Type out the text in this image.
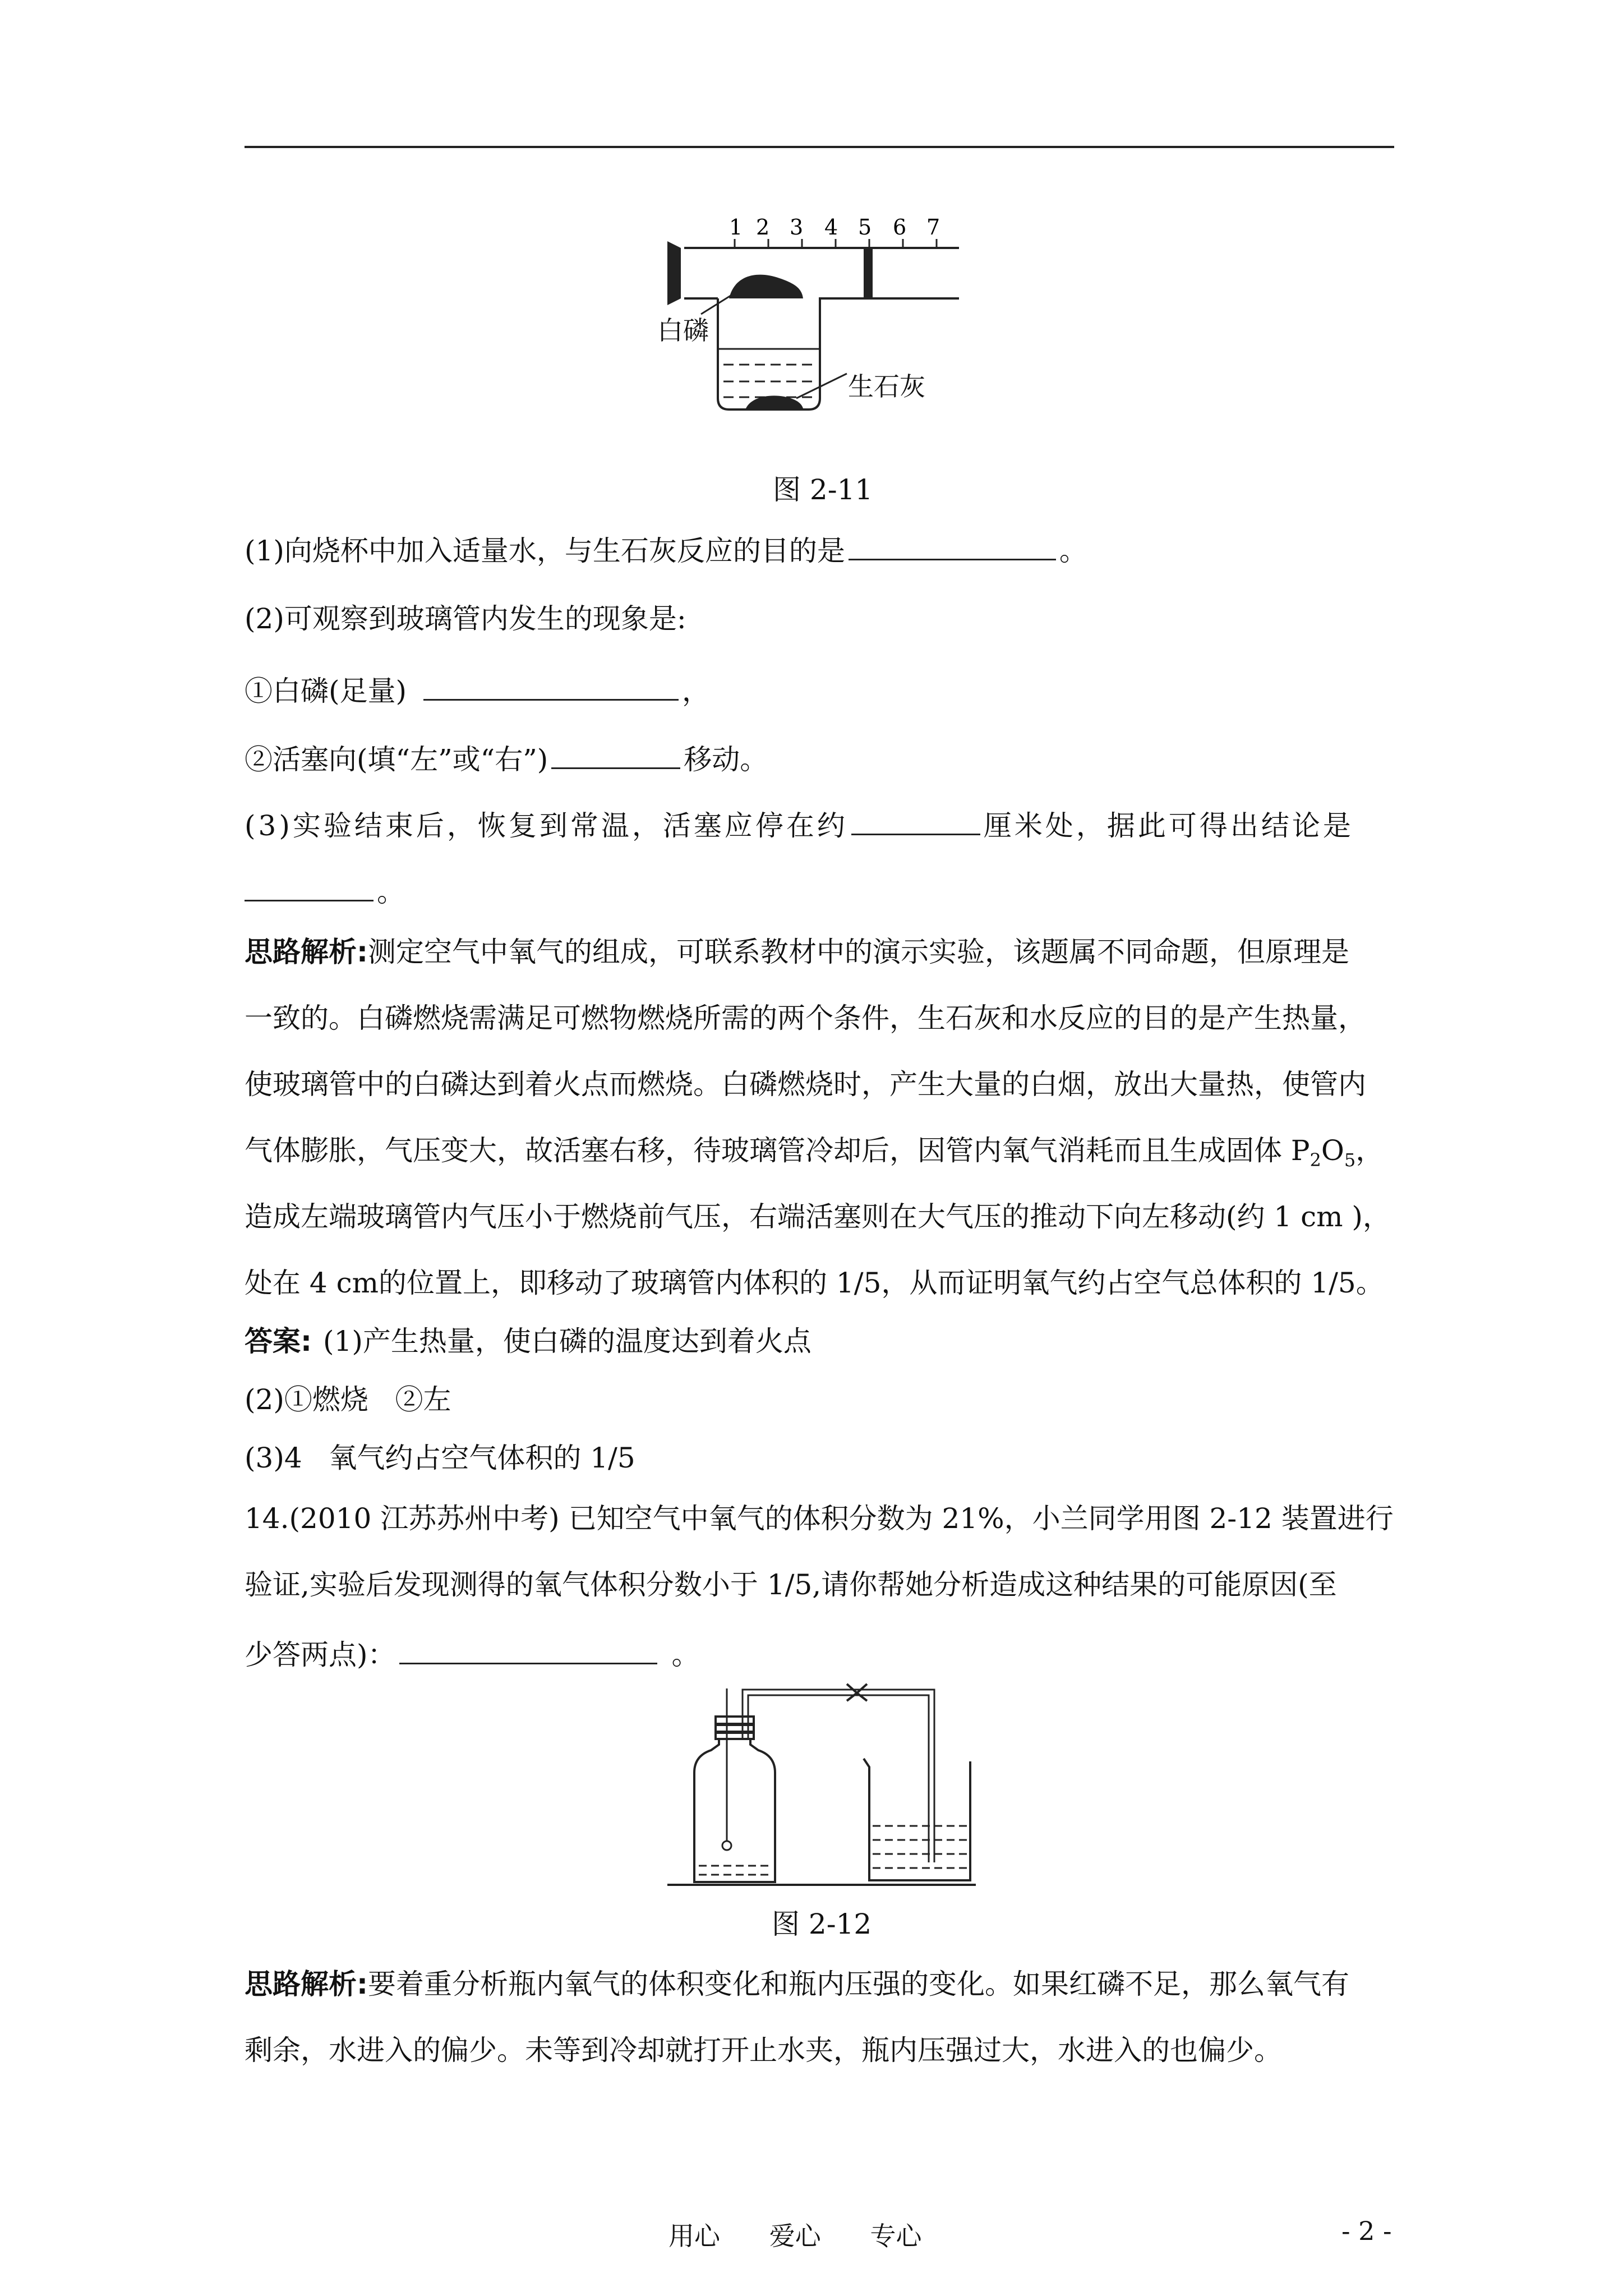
1 2 3 4 5 6 7
白磷
生石灰
图 2-11
(1)向烧杯中加入适量水，与生石灰反应的目的是	。
(2)可观察到玻璃管内发生的现象是:
①白磷(足量)	，
②活塞向(填“左”或“右”)	移动。
(3)实验结束后，恢复到常温，活塞应停在约	厘米处，据此可得出结论是
。
思路解析:测定空气中氧气的组成，可联系教材中的演示实验，该题属不同命题，但原理是
一致的。白磷燃烧需满足可燃物燃烧所需的两个条件，生石灰和水反应的目的是产生热量，
使玻璃管中的白磷达到着火点而燃烧。白磷燃烧时，产生大量的白烟，放出大量热，使管内
气体膨胀，气压变大，故活塞右移，待玻璃管冷却后，因管内氧气消耗而且生成固体 $P_2O_5$，
造成左端玻璃管内气压小于燃烧前气压，右端活塞则在大气压的推动下向左移动(约 1 cm )，
处在 4 cm的位置上，即移动了玻璃管内体积的 1/5，从而证明氧气约占空气总体积的 1/5。
答案: (1)产生热量，使白磷的温度达到着火点
(2)①燃烧   ②左
(3)4   氧气约占空气体积的 1/5
14.(2010 江苏苏州中考) 已知空气中氧气的体积分数为 21%，小兰同学用图 2-12 装置进行
验证,实验后发现测得的氧气体积分数小于 1/5,请你帮她分析造成这种结果的可能原因(至
少答两点)：	。
图 2-12
思路解析:要着重分析瓶内氧气的体积变化和瓶内压强的变化。如果红磷不足，那么氧气有
剩余，水进入的偏少。未等到冷却就打开止水夹，瓶内压强过大，水进入的也偏少。
用心      爱心      专心	- 2 -
